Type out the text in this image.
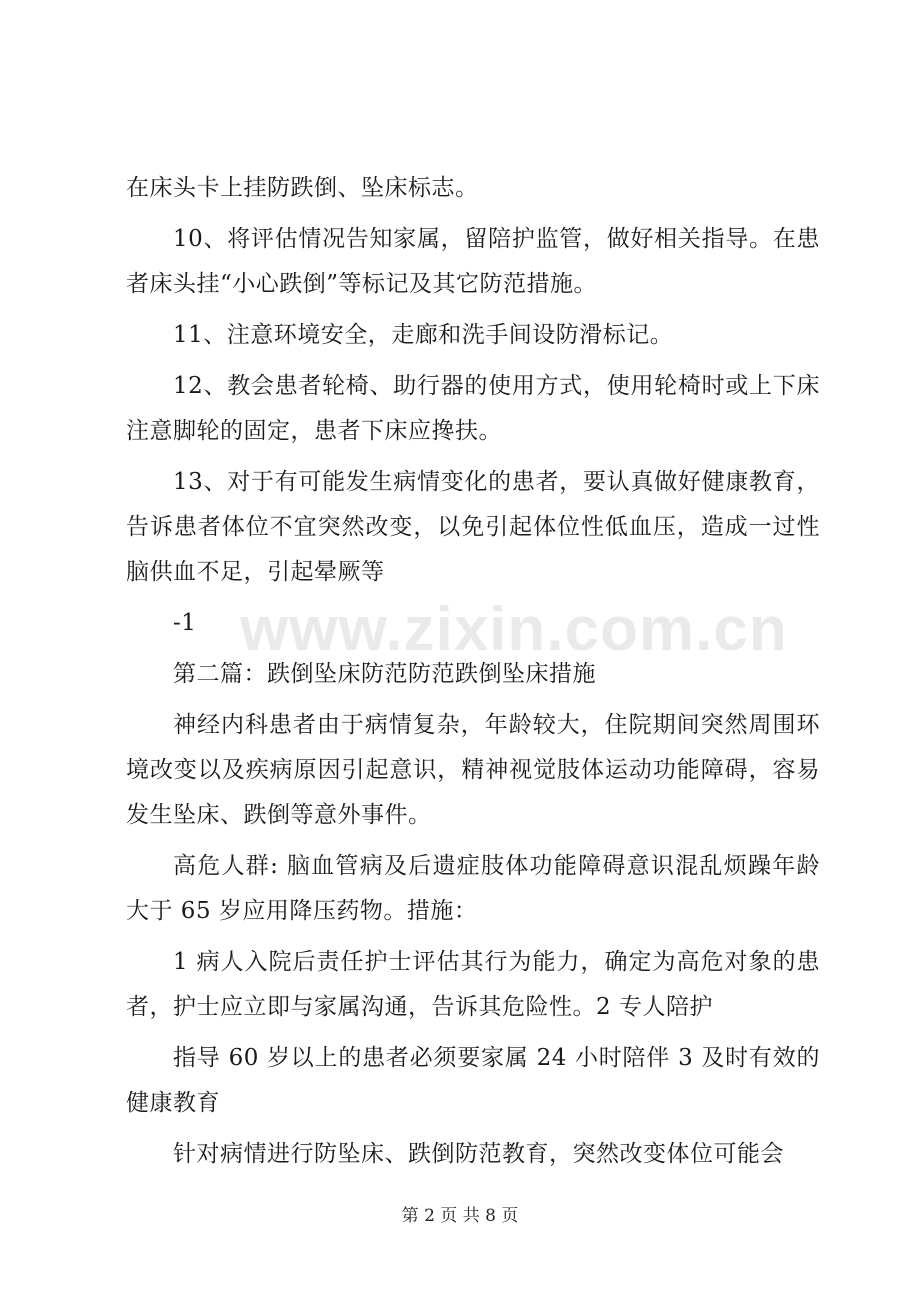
在床头卡上挂防跌倒、坠床标志。

10、将评估情况告知家属，留陪护监管，做好相关指导。在患者床头挂“小心跌倒”等标记及其它防范措施。

11、注意环境安全，走廊和洗手间设防滑标记。

12、教会患者轮椅、助行器的使用方式，使用轮椅时或上下床注意脚轮的固定，患者下床应搀扶。

13、对于有可能发生病情变化的患者，要认真做好健康教育，告诉患者体位不宜突然改变，以免引起体位性低血压，造成一过性脑供血不足，引起晕厥等

-1

第二篇：跌倒坠床防范防范跌倒坠床措施

神经内科患者由于病情复杂，年龄较大，住院期间突然周围环境改变以及疾病原因引起意识，精神视觉肢体运动功能障碍，容易发生坠床、跌倒等意外事件。

高危人群: 脑血管病及后遗症肢体功能障碍意识混乱烦躁年龄大于 65 岁应用降压药物。措施：

1 病人入院后责任护士评估其行为能力，确定为高危对象的患者，护士应立即与家属沟通，告诉其危险性。2 专人陪护

指导 60 岁以上的患者必须要家属 24 小时陪伴 3 及时有效的健康教育

针对病情进行防坠床、跌倒防范教育，突然改变体位可能会

www.zixin.com.cn
第 2 页 共 8 页
